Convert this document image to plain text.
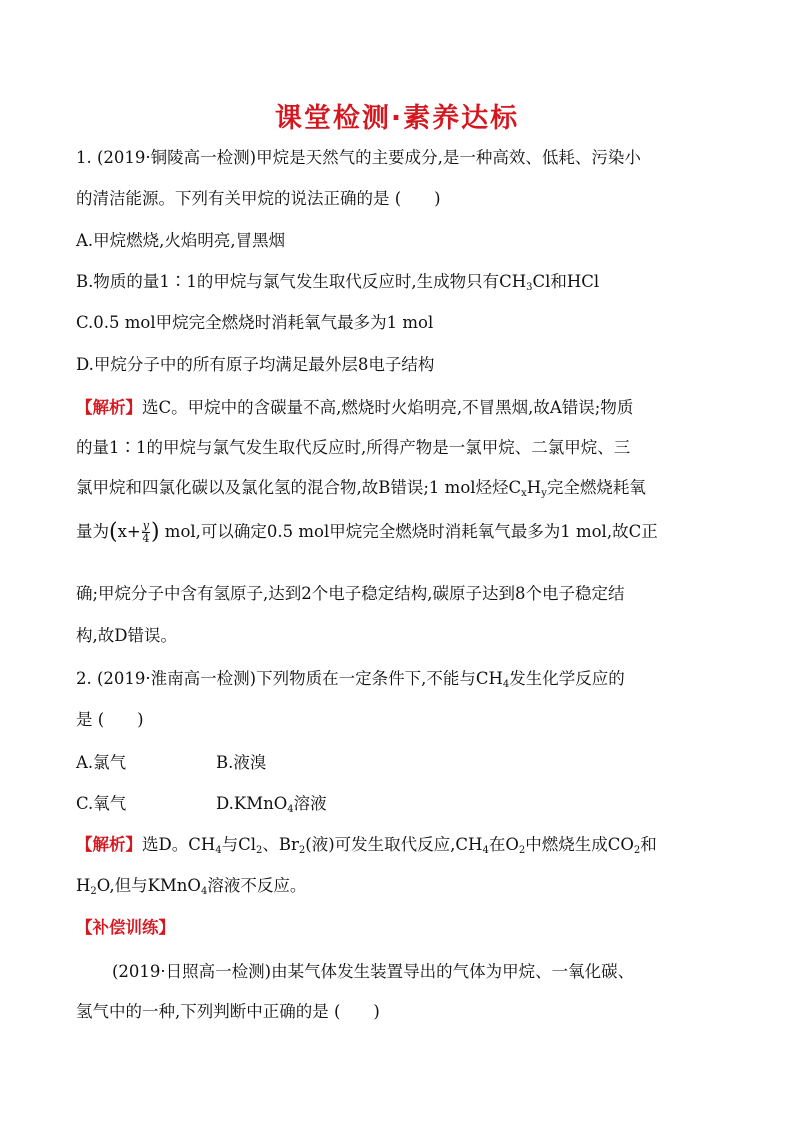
课堂检测·素养达标
1. (2019·铜陵高一检测)甲烷是天然气的主要成分,是一种高效、低耗、污染小
的清洁能源。下列有关甲烷的说法正确的是 (　　)
A.甲烷燃烧,火焰明亮,冒黑烟
B.物质的量1∶1的甲烷与氯气发生取代反应时,生成物只有$CH_3Cl$和HCl
C.0.5 mol甲烷完全燃烧时消耗氧气最多为1 mol
D.甲烷分子中的所有原子均满足最外层8电子结构
【解析】选C。甲烷中的含碳量不高,燃烧时火焰明亮,不冒黑烟,故A错误;物质
的量1∶1的甲烷与氯气发生取代反应时,所得产物是一氯甲烷、二氯甲烷、三
氯甲烷和四氯化碳以及氯化氢的混合物,故B错误;1 mol烃烃$C_xH_y$完全燃烧耗氧
量为($x+ \frac{y}{4}$ ) mol,可以确定0.5 mol甲烷完全燃烧时消耗氧气最多为1 mol,故C正
确;甲烷分子中含有氢原子,达到2个电子稳定结构,碳原子达到8个电子稳定结
构,故D错误。
2. (2019·淮南高一检测)下列物质在一定条件下,不能与$CH_4$发生化学反应的
是 (　　)
A.氯气	B.液溴
C.氧气	D.KMnO$_4$溶液
【解析】选D。$CH_4$与$Cl_2$、$Br_2$(液)可发生取代反应$,CH_4$在$O_2$中燃烧生成$CO_2$和
$H_2O$,但与KMnO$_4$溶液不反应。
【补偿训练】
(2019·日照高一检测)由某气体发生装置导出的气体为甲烷、一氧化碳、
氢气中的一种,下列判断中正确的是 (　　)
